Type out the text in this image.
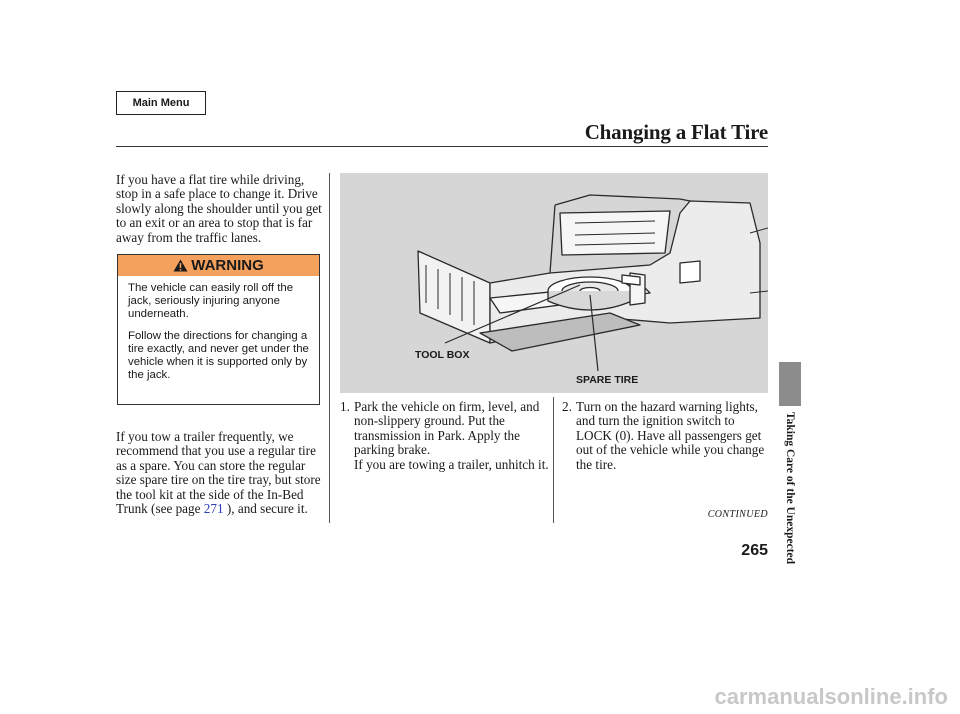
Main Menu
Changing a Flat Tire
If you have a flat tire while driving, stop in a safe place to change it. Drive slowly along the shoulder until you get to an exit or an area to stop that is far away from the traffic lanes.
WARNING

The vehicle can easily roll off the jack, seriously injuring anyone underneath.

Follow the directions for changing a tire exactly, and never get under the vehicle when it is supported only by the jack.

If you tow a trailer frequently, we recommend that you use a regular tire as a spare. You can store the regular size spare tire on the tire tray, but store the tool kit at the side of the In-Bed Trunk (see page 271 ), and secure it.
TOOL BOX
SPARE TIRE
1. Park the vehicle on firm, level, and non-slippery ground. Put the transmission in Park. Apply the parking brake.
If you are towing a trailer, unhitch it.
2. Turn on the hazard warning lights, and turn the ignition switch to LOCK (0). Have all passengers get out of the vehicle while you change the tire.
CONTINUED
265 Taking Care of the Unexpected
carmanualsonline.info
